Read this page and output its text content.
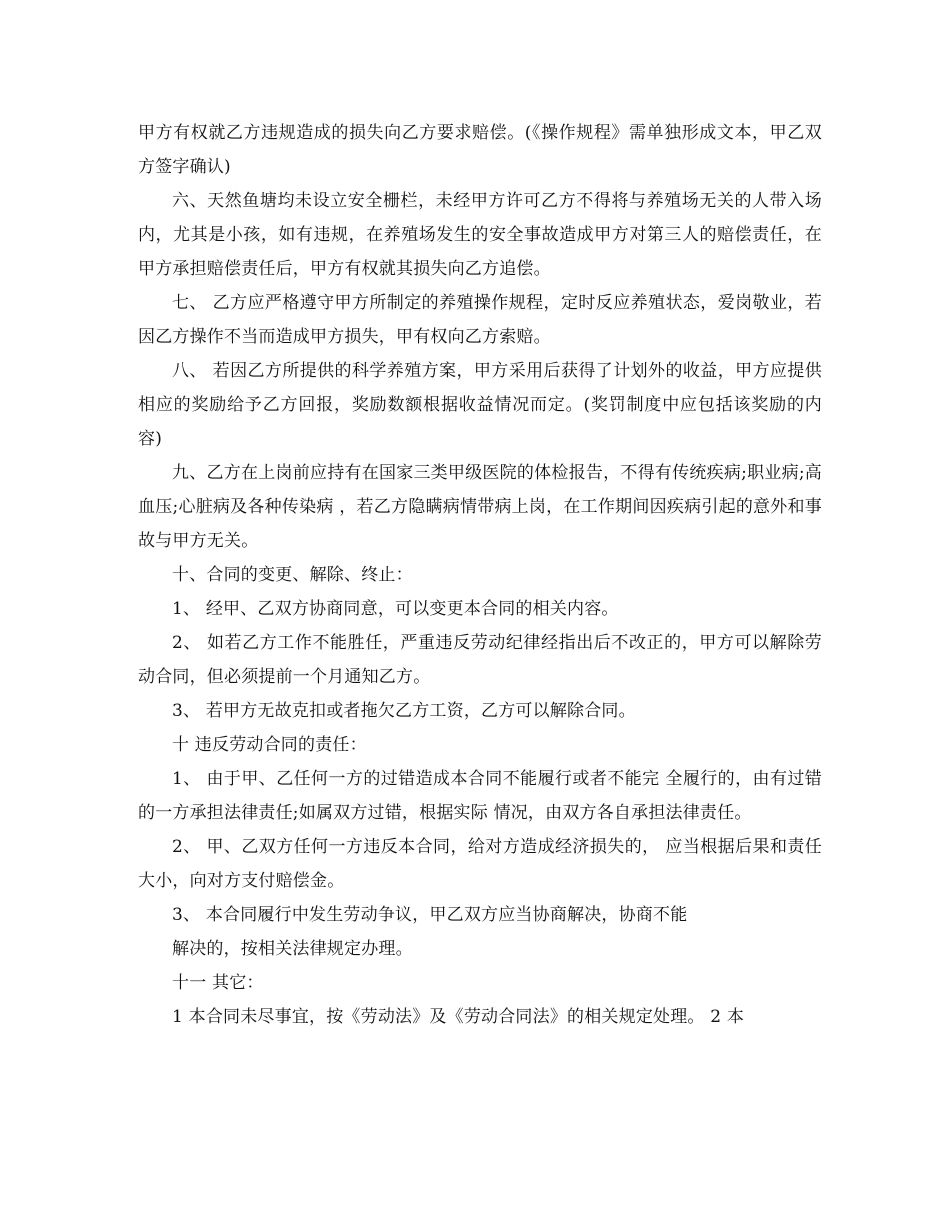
甲方有权就乙方违规造成的损失向乙方要求赔偿。(《操作规程》需单独形成文本，甲乙双方签字确认)

六、天然鱼塘均未设立安全栅栏，未经甲方许可乙方不得将与养殖场无关的人带入场内，尤其是小孩，如有违规，在养殖场发生的安全事故造成甲方对第三人的赔偿责任，在甲方承担赔偿责任后，甲方有权就其损失向乙方追偿。

七、 乙方应严格遵守甲方所制定的养殖操作规程，定时反应养殖状态，爱岗敬业，若因乙方操作不当而造成甲方损失，甲有权向乙方索赔。

八、 若因乙方所提供的科学养殖方案，甲方采用后获得了计划外的收益，甲方应提供相应的奖励给予乙方回报，奖励数额根据收益情况而定。(奖罚制度中应包括该奖励的内容)

九、乙方在上岗前应持有在国家三类甲级医院的体检报告，不得有传统疾病;职业病;高血压;心脏病及各种传染病 ，若乙方隐瞒病情带病上岗，在工作期间因疾病引起的意外和事故与甲方无关。

十、合同的变更、解除、终止：

1、 经甲、乙双方协商同意，可以变更本合同的相关内容。

2、 如若乙方工作不能胜任，严重违反劳动纪律经指出后不改正的，甲方可以解除劳动合同，但必须提前一个月通知乙方。

3、 若甲方无故克扣或者拖欠乙方工资，乙方可以解除合同。

十 违反劳动合同的责任：

1、 由于甲、乙任何一方的过错造成本合同不能履行或者不能完 全履行的，由有过错的一方承担法律责任;如属双方过错，根据实际 情况，由双方各自承担法律责任。

2、 甲、乙双方任何一方违反本合同，给对方造成经济损失的， 应当根据后果和责任大小，向对方支付赔偿金。

3、 本合同履行中发生劳动争议，甲乙双方应当协商解决，协商不能

解决的，按相关法律规定办理。

十一 其它：

1 本合同未尽事宜，按《劳动法》及《劳动合同法》的相关规定处理。 2 本
